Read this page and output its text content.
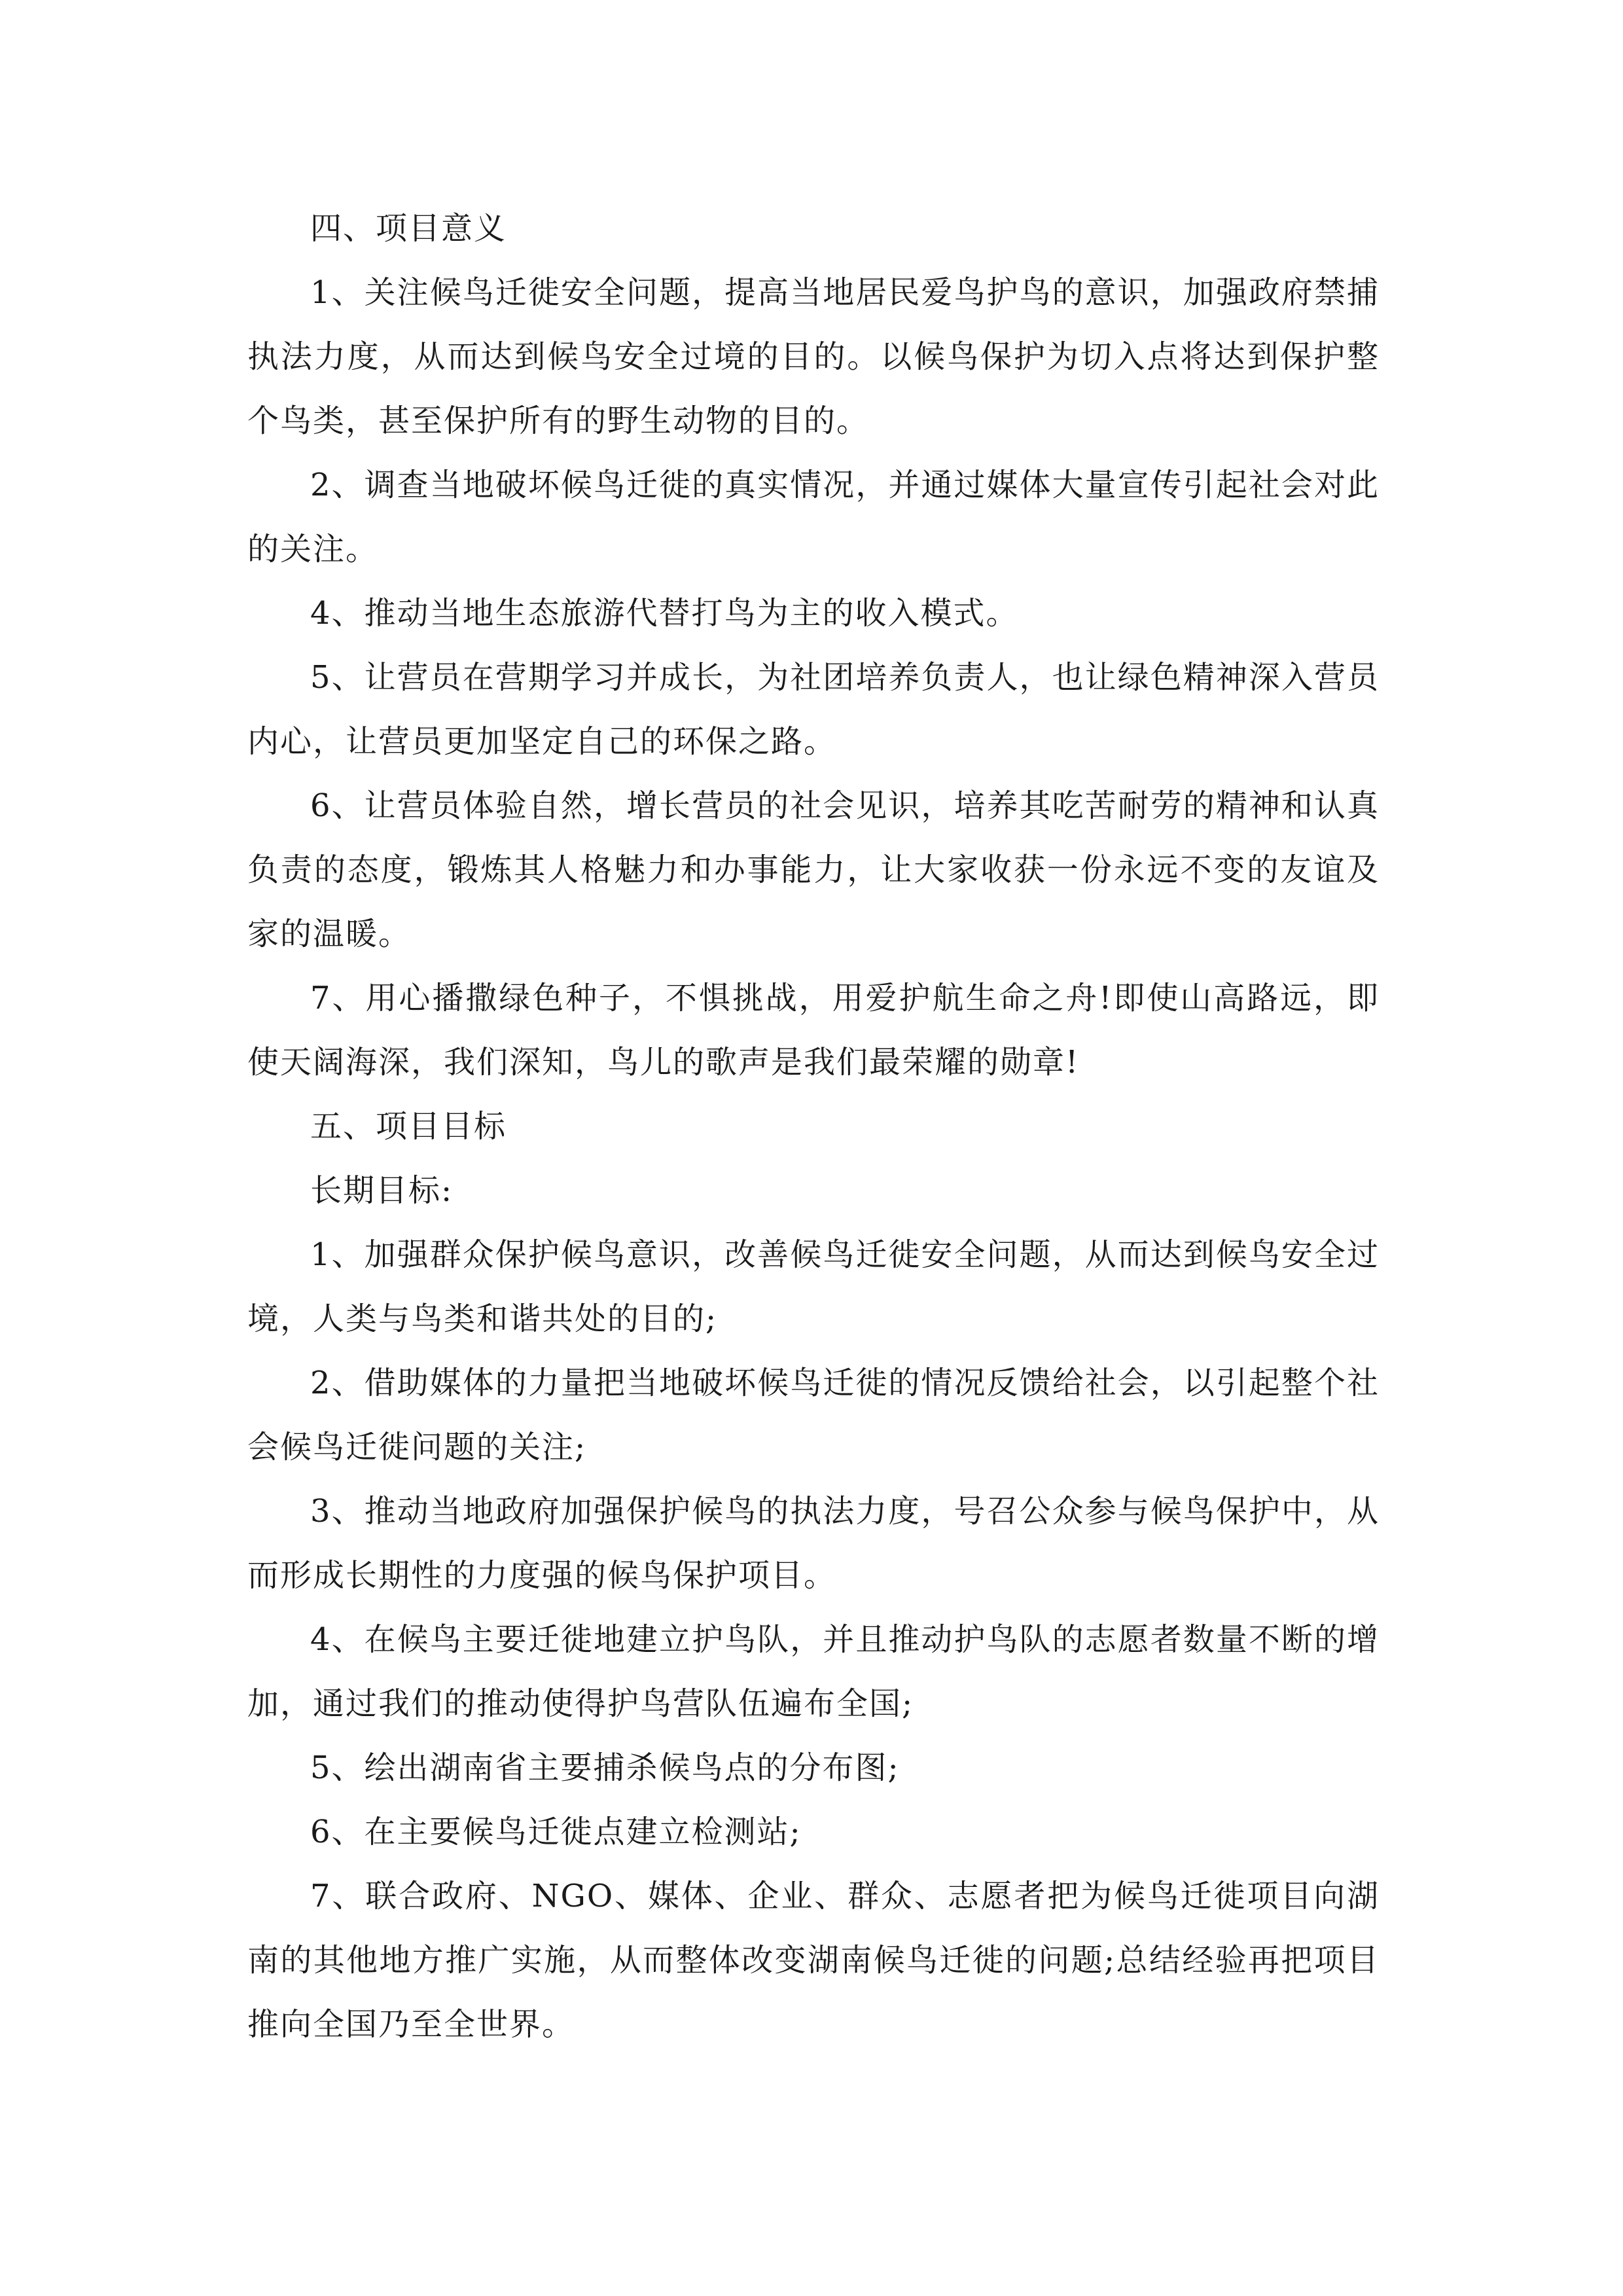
四、项目意义

1、关注候鸟迁徙安全问题，提高当地居民爱鸟护鸟的意识，加强政府禁捕执法力度，从而达到候鸟安全过境的目的。以候鸟保护为切入点将达到保护整个鸟类，甚至保护所有的野生动物的目的。

2、调查当地破坏候鸟迁徙的真实情况，并通过媒体大量宣传引起社会对此的关注。

4、推动当地生态旅游代替打鸟为主的收入模式。

5、让营员在营期学习并成长，为社团培养负责人，也让绿色精神深入营员内心，让营员更加坚定自己的环保之路。

6、让营员体验自然，增长营员的社会见识，培养其吃苦耐劳的精神和认真负责的态度，锻炼其人格魅力和办事能力，让大家收获一份永远不变的友谊及家的温暖。

7、用心播撒绿色种子，不惧挑战，用爱护航生命之舟!即使山高路远，即使天阔海深，我们深知，鸟儿的歌声是我们最荣耀的勋章!

五、项目目标

长期目标:

1、加强群众保护候鸟意识，改善候鸟迁徙安全问题，从而达到候鸟安全过境，人类与鸟类和谐共处的目的;

2、借助媒体的力量把当地破坏候鸟迁徙的情况反馈给社会，以引起整个社会候鸟迁徙问题的关注;

3、推动当地政府加强保护候鸟的执法力度，号召公众参与候鸟保护中，从而形成长期性的力度强的候鸟保护项目。

4、在候鸟主要迁徙地建立护鸟队，并且推动护鸟队的志愿者数量不断的增加，通过我们的推动使得护鸟营队伍遍布全国;

5、绘出湖南省主要捕杀候鸟点的分布图;

6、在主要候鸟迁徙点建立检测站;

7、联合政府、NGO、媒体、企业、群众、志愿者把为候鸟迁徙项目向湖南的其他地方推广实施，从而整体改变湖南候鸟迁徙的问题;总结经验再把项目推向全国乃至全世界。
